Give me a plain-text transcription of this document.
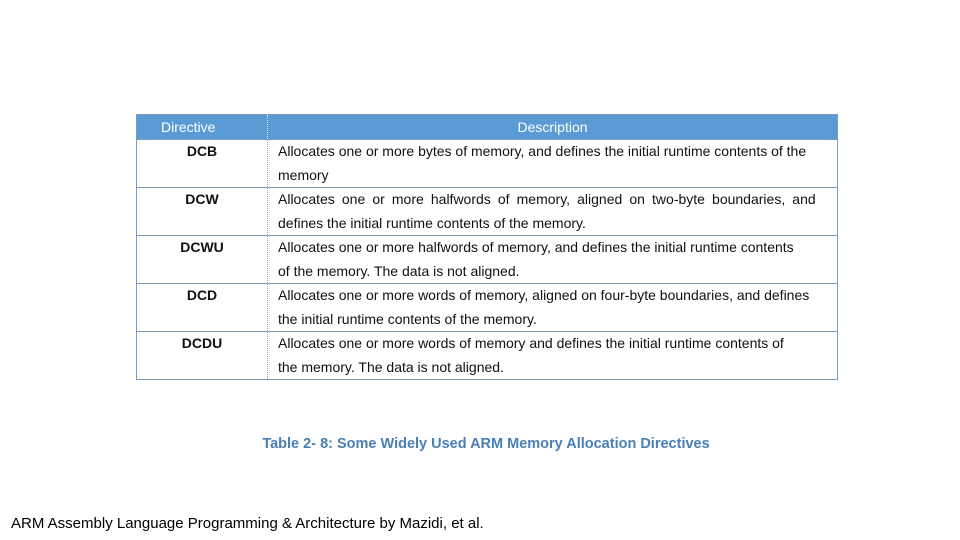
Directive	Description
DCB	Allocates one or more bytes of memory, and defines the initial runtime contents of the
memory

DCW	Allocates one or more halfwords of memory, aligned on two-byte boundaries, and
defines the initial runtime contents of the memory.

DCWU	Allocates one or more halfwords of memory, and defines the initial runtime contents
of the memory. The data is not aligned.

DCD	Allocates one or more words of memory, aligned on four-byte boundaries, and defines
the initial runtime contents of the memory.

DCDU	Allocates one or more words of memory and defines the initial runtime contents of
the memory. The data is not aligned.
Table 2- 8: Some Widely Used ARM Memory Allocation Directives
ARM Assembly Language Programming & Architecture by Mazidi, et al.
